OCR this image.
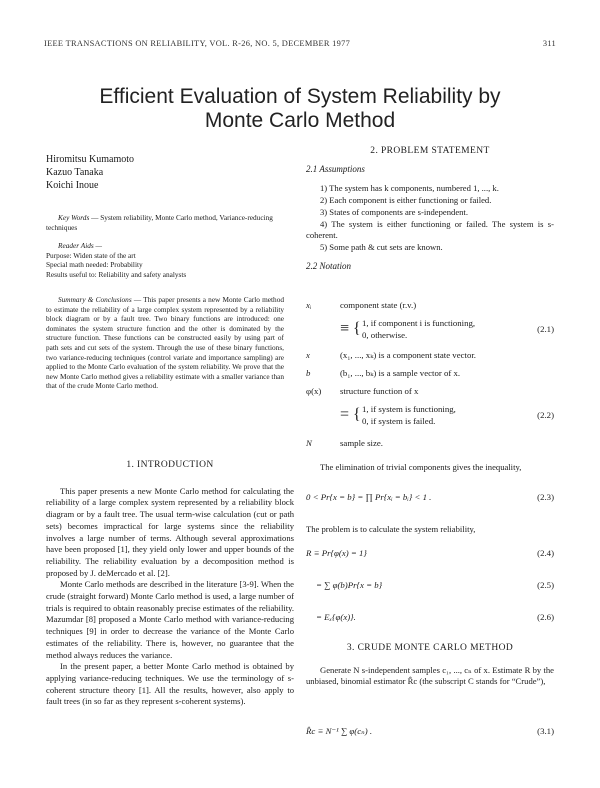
IEEE TRANSACTIONS ON RELIABILITY, VOL. R-26, NO. 5, DECEMBER 1977	311
Efficient Evaluation of System Reliability by
Monte Carlo Method
Hiromitsu Kumamoto
Kazuo Tanaka
Koichi Inoue

Key Words — System reliability, Monte Carlo method, Variance-reducing techniques

Reader Aids —

Purpose: Widen state of the art

Special math needed: Probability

Results useful to: Reliability and safety analysts

Summary & Conclusions — This paper presents a new Monte Carlo method to estimate the reliability of a large complex system represented by a reliability block diagram or by a fault tree. Two binary functions are introduced: one dominates the system structure function and the other is dominated by the structure function. These functions can be constructed easily by using part of path sets and cut sets of the system. Through the use of these binary functions, two variance-reducing techniques (control variate and importance sampling) are applied to the Monte Carlo evaluation of the system reliability. We prove that the new Monte Carlo method gives a reliability estimate with a smaller variance than that of the crude Monte Carlo method.

1. INTRODUCTION

This paper presents a new Monte Carlo method for calculating the reliability of a large complex system represented by a reliability block diagram or by a fault tree. The usual term-wise calculation (cut or path sets) becomes impractical for large systems since the reliability involves a large number of terms. Although several approximations have been proposed [1], they yield only lower and upper bounds of the reliability. The reliability evaluation by a decomposition method is proposed by J. deMercado et al. [2].

Monte Carlo methods are described in the literature [3-9]. When the crude (straight forward) Monte Carlo method is used, a large number of trials is required to obtain reasonably precise estimates of the reliability. Mazumdar [8] proposed a Monte Carlo method with variance-reducing techniques [9] in order to decrease the variance of the Monte Carlo estimates of the reliability. There is, however, no guarantee that the method always reduces the variance.

In the present paper, a better Monte Carlo method is obtained by applying variance-reducing techniques. We use the terminology of s-coherent structure theory [1]. All the results, however, also apply to fault trees (in so far as they represent s-coherent systems).

2. PROBLEM STATEMENT
2.1 Assumptions

1) The system has k components, numbered 1, ..., k.

2) Each component is either functioning or failed.

3) States of components are s-independent.

4) The system is either functioning or failed. The system is s-coherent.

5) Some path & cut sets are known.

2.2 Notation
xᵢ	component state (r.v.)
≡ { 1, if component i is functioning,
0, otherwise.
(2.1)
x	(x₁, ..., xₖ) is a component state vector.
b	(b₁, ..., bₖ) is a sample vector of x.
φ(x) structure function of x
= { 1, if system is functioning,
0, if system is failed.
(2.2)
N	sample size.
The elimination of trivial components gives the inequality,
0 < Pr{x = b} = ∏ Pr{xᵢ = bᵢ} < 1 .	(2.3)
The problem is to calculate the system reliability,
R ≡ Pr{φ(x) = 1}	(2.4)
= ∑ φ(b)Pr{x = b}	(2.5)
= Eₓ{φ(x)}.	(2.6)
3. CRUDE MONTE CARLO METHOD

Generate N s-independent samples c₁, ..., cₙ of x. Estimate R by the unbiased, binomial estimator R̂c (the subscript C stands for “Crude”),

R̂c ≡ N⁻¹ ∑ φ(cₙ) .	(3.1)
